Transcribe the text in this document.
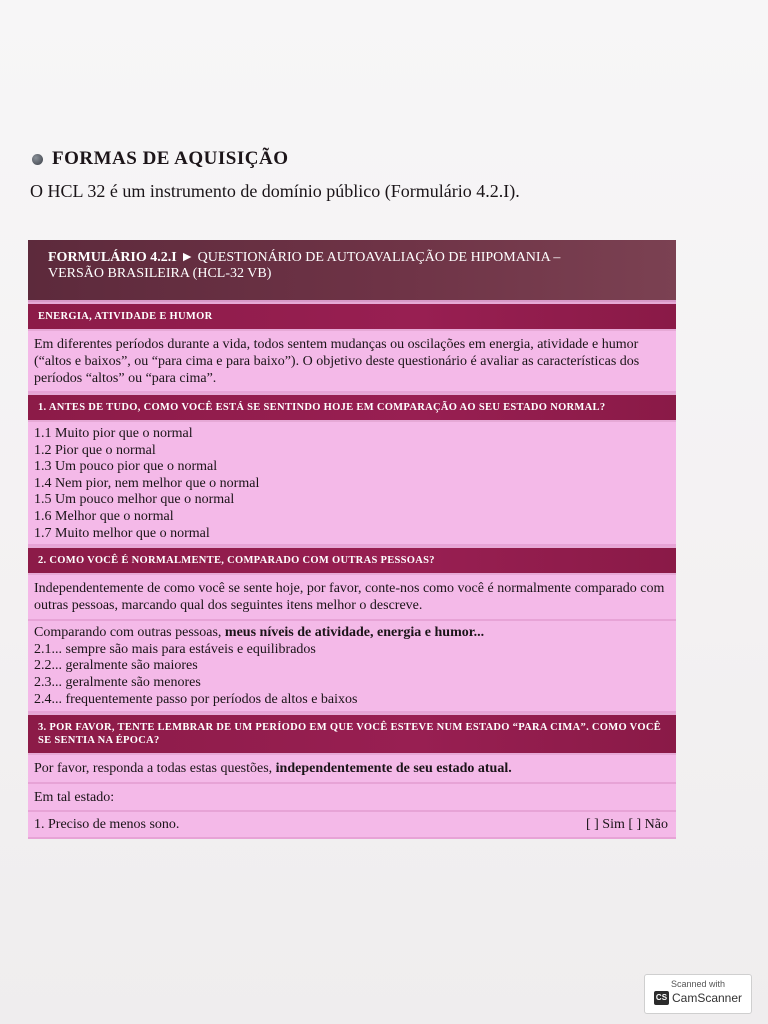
FORMAS DE AQUISIÇÃO
O HCL 32 é um instrumento de domínio público (Formulário 4.2.I).
FORMULÁRIO 4.2.I ► QUESTIONÁRIO DE AUTOAVALIAÇÃO DE HIPOMANIA –
VERSÃO BRASILEIRA (HCL-32 VB)
ENERGIA, ATIVIDADE E HUMOR
Em diferentes períodos durante a vida, todos sentem mudanças ou oscilações em energia, atividade e humor (“altos e baixos”, ou “para cima e para baixo”). O objetivo deste questionário é avaliar as características dos períodos “altos” ou “para cima”.
1. ANTES DE TUDO, COMO VOCÊ ESTÁ SE SENTINDO HOJE EM COMPARAÇÃO AO SEU ESTADO NORMAL?
1.1 Muito pior que o normal
1.2 Pior que o normal
1.3 Um pouco pior que o normal
1.4 Nem pior, nem melhor que o normal
1.5 Um pouco melhor que o normal
1.6 Melhor que o normal
1.7 Muito melhor que o normal
2. COMO VOCÊ É NORMALMENTE, COMPARADO COM OUTRAS PESSOAS?
Independentemente de como você se sente hoje, por favor, conte-nos como você é normalmente comparado com outras pessoas, marcando qual dos seguintes itens melhor o descreve.
Comparando com outras pessoas, meus níveis de atividade, energia e humor...
2.1... sempre são mais para estáveis e equilibrados
2.2... geralmente são maiores
2.3... geralmente são menores
2.4... frequentemente passo por períodos de altos e baixos
3. POR FAVOR, TENTE LEMBRAR DE UM PERÍODO EM QUE VOCÊ ESTEVE NUM ESTADO “PARA CIMA”. COMO VOCÊ SE SENTIA NA ÉPOCA?
Por favor, responda a todas estas questões, independentemente de seu estado atual.
Em tal estado:
1. Preciso de menos sono.	[ ] Sim [ ] Não
Scanned with
CS CamScanner
